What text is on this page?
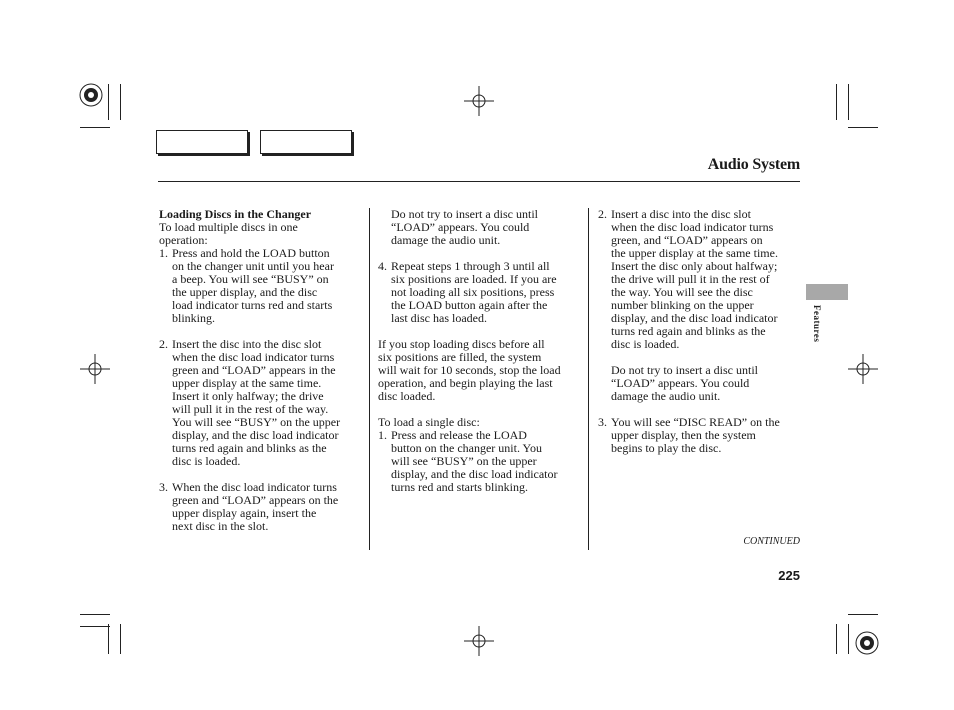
Audio System
Features

Loading Discs in the Changer

To load multiple discs in one

operation:

1. Press and hold the LOAD button

on the changer unit until you hear

a beep. You will see “BUSY” on

the upper display, and the disc

load indicator turns red and starts

blinking.

2. Insert the disc into the disc slot

when the disc load indicator turns

green and “LOAD” appears in the

upper display at the same time.

Insert it only halfway; the drive

will pull it in the rest of the way.

You will see “BUSY” on the upper

display, and the disc load indicator

turns red again and blinks as the

disc is loaded.

3. When the disc load indicator turns

green and “LOAD” appears on the

upper display again, insert the

next disc in the slot.

Do not try to insert a disc until

“LOAD” appears. You could

damage the audio unit.

4. Repeat steps 1 through 3 until all

six positions are loaded. If you are

not loading all six positions, press

the LOAD button again after the

last disc has loaded.

If you stop loading discs before all

six positions are filled, the system

will wait for 10 seconds, stop the load

operation, and begin playing the last

disc loaded.

To load a single disc:

1. Press and release the LOAD

button on the changer unit. You

will see “BUSY” on the upper

display, and the disc load indicator

turns red and starts blinking.

2. Insert a disc into the disc slot

when the disc load indicator turns

green, and “LOAD” appears on

the upper display at the same time.

Insert the disc only about halfway;

the drive will pull it in the rest of

the way. You will see the disc

number blinking on the upper

display, and the disc load indicator

turns red again and blinks as the

disc is loaded.

Do not try to insert a disc until

“LOAD” appears. You could

damage the audio unit.

3. You will see “DISC READ” on the

upper display, then the system

begins to play the disc.

CONTINUED
225
